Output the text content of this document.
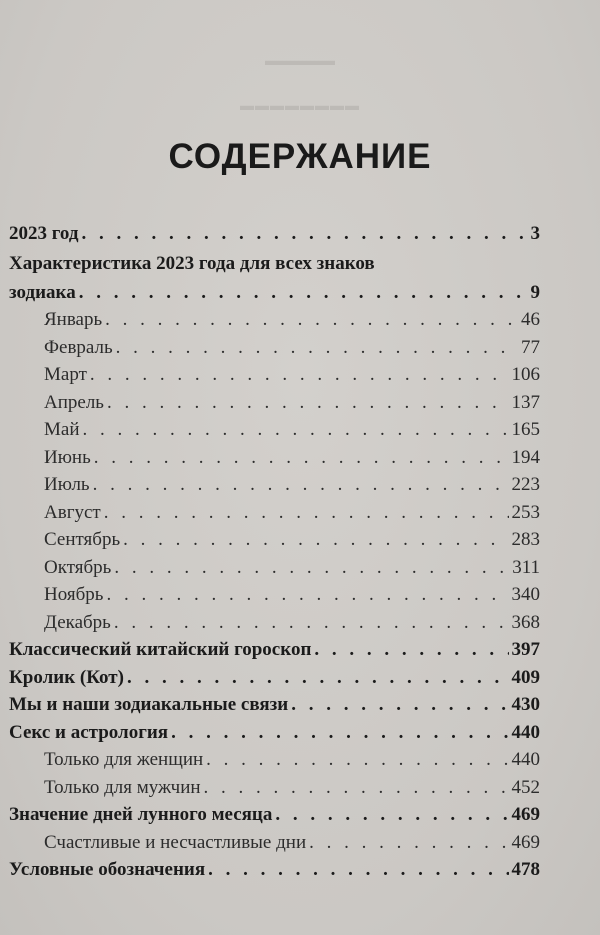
▬▬▬▬▬
▬▬▬▬▬▬▬▬
СОДЕРЖАНИЕ
2023 год . . .	3
Характеристика 2023 года для всех знаков
зодиака . . .	9
Январь . . .	46
Февраль . . .	77
Март . . .	106
Апрель . . .	137
Май . . .	165
Июнь . . .	194
Июль . . .	223
Август . . .	253
Сентябрь . . .	283
Октябрь . . .	311
Ноябрь . . .	340
Декабрь . . .	368
Классический китайский гороскоп . . .	397
Кролик (Кот) . . .	409
Мы и наши зодиакальные связи . . .	430
Секс и астрология . . .	440
Только для женщин . . .	440
Только для мужчин . . .	452
Значение дней лунного месяца . . .	469
Счастливые и несчастливые дни . . .	469
Условные обозначения . . .	478
